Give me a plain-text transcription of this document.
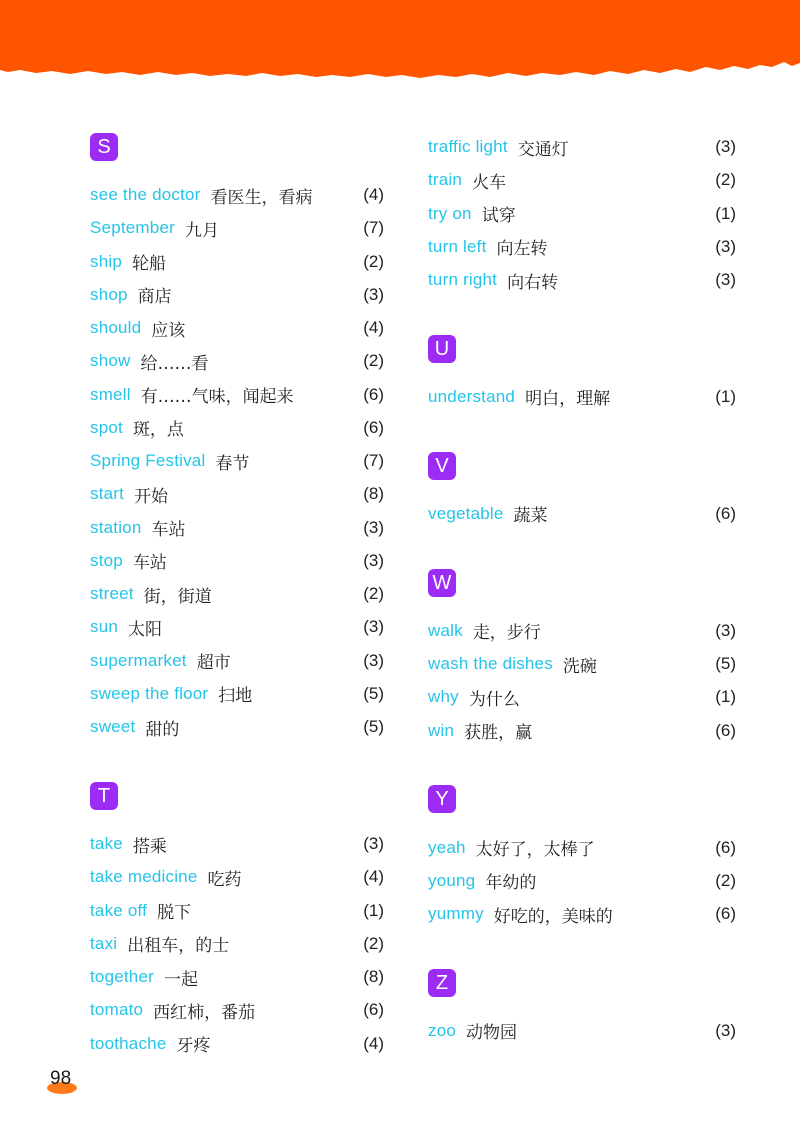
S
see the doctor 看医生，看病	(4)
September 九月	(7)
ship 轮船	(2)
shop 商店	(3)
should 应该	(4)
show 给……看	(2)
smell 有……气味，闻起来	(6)
spot 斑，点	(6)
Spring Festival 春节	(7)
start 开始	(8)
station 车站	(3)
stop 车站	(3)
street 街，街道	(2)
sun 太阳	(3)
supermarket 超市	(3)
sweep the floor 扫地	(5)
sweet 甜的	(5)
T
take 搭乘	(3)
take medicine 吃药	(4)
take off 脱下	(1)
taxi 出租车，的士	(2)
together 一起	(8)
tomato 西红柿，番茄	(6)
toothache 牙疼	(4)
traffic light 交通灯	(3)
train 火车	(2)
try on 试穿	(1)
turn left 向左转	(3)
turn right 向右转	(3)
U
understand 明白，理解	(1)
V
vegetable 蔬菜	(6)
W
walk 走，步行	(3)
wash the dishes 洗碗	(5)
why 为什么	(1)
win 获胜，赢	(6)
Y
yeah 太好了，太棒了	(6)
young 年幼的	(2)
yummy 好吃的，美味的	(6)
Z
zoo 动物园	(3)
98
